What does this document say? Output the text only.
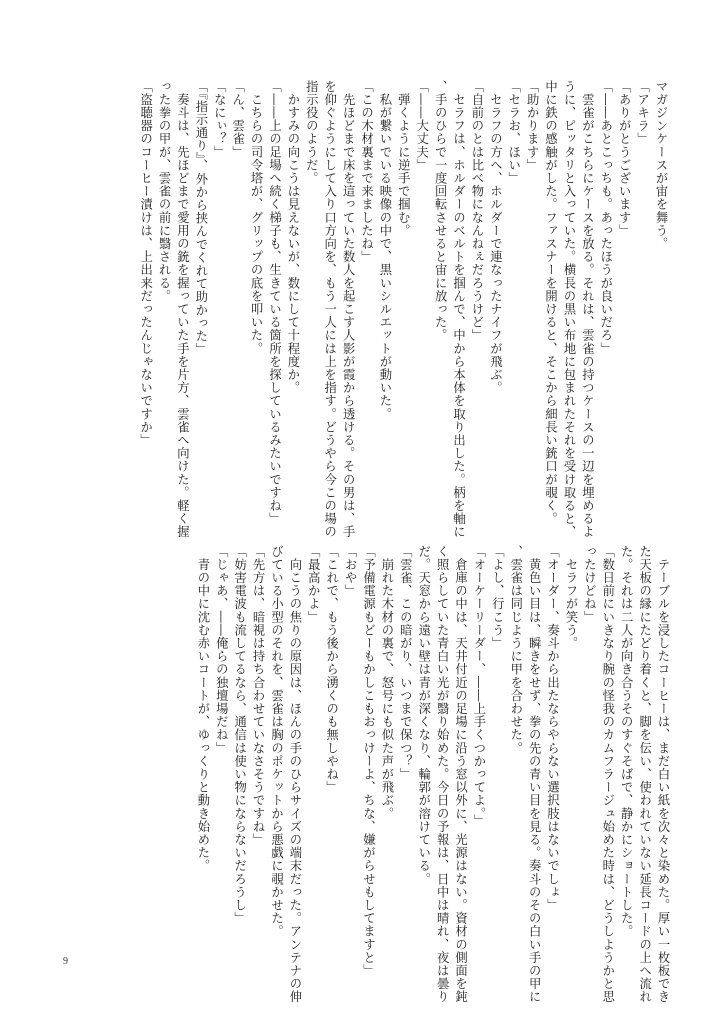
マガジンケースが宙を舞う。
「アキラ」
「ありがとうございます」
「――あとこっちも。あったほうが良いだろ」
　雲雀がこちらにケースを放る。それは、雲雀の持つケースの一辺を埋めるよ
うに、ピッタリと入っていた。横長の黒い布地に包まれたそれを受け取ると、
中に鉄の感触がした。ファスナーを開けると、そこから細長い銃口が覗く。
「助かります」
「セラお、ほい」
　セラフの方へ、ホルダーで連なったナイフが飛ぶ。
「自前のとは比べ物になんねぇだろうけど」
　セラフは、ホルダーのベルトを掴んで、中から本体を取り出した。柄を軸に
、手のひらで一度回転させると宙に放った。
「――大丈夫」
　弾くように逆手で掴む。
　私が繋いでいる映像の中で、黒いシルエットが動いた。
「この木材裏まで来ましたね」
　先ほどまで床を這っていた数人を起こす人影が霞から透ける。その男は、手
を仰ぐようにして入り口方向を、もう一人には上を指す。どうやら今この場の
指示役のようだ。
　かすみの向こうは見えないが、数にして十程度か。
「――上の足場へ続く梯子も、生きている箇所を探しているみたいですね」
　こちらの司令塔が、グリップの底を叩いた。
「ん、雲雀」
「なにぃ？」
「『指示通り』、外から挟んでくれて助かった」
　奏斗は、先ほどまで愛用の銃を握っていた手を片方、雲雀へ向けた。軽く握
った拳の甲が、雲雀の前に翳される。
「盗聴器のコーヒー漬けは、上出来だったんじゃないですか」
　テーブルを浸したコーヒーは、まだ白い紙を次々と染めた。厚い一枚板でき
た天板の縁にたどり着くと、脚を伝い、使われていない延長コードの上へ流れ
た。それは二人が向き合うそのすぐそばで、静かにショートした。
「数日前にいきなり腕の怪我のカムフラージュ始めた時は、どうしようかと思
ったけどね」
　セラフが笑う。
「オーダー、奏斗から出たならやらない選択肢はないでしょ」
　黄色い目は、瞬きをせず、拳の先の青い目を見る。奏斗のその白い手の甲に
、雲雀は同じように甲を合わせた。
「よし、行こう」
「オーケーリーダー、――上手くつかってよ。」
　倉庫の中は、天井付近の足場に沿う窓以外に、光源はない。資材の側面を鈍
く照らしていた青白い光が翳り始めた。今日の予報は、日中は晴れ、夜は曇り
だ。天窓から遠い壁は青が深くなり、輪郭が溶けている。
「雲雀、この暗がり、いつまで保つ？」
　崩れた木材の裏で、怒号にも似た声が飛ぶ。
「予備電源もどーもかしこもおっけーよ、ちな、嫌がらせもしてますと」
「おや」
「これで、もう後から湧くのも無しやね」
「最高かよ」
　向こうの焦りの原因は、ほんの手のひらサイズの端末だった。アンテナの伸
びている小型のそれを、雲雀は胸のポケットから悪戯に覗かせた。
「先方は、暗視は持ち合わせていなさそうですね」
「妨害電波も流してるなら、通信は使い物にならないだろうし」
「じゃあ、――俺らの独壇場だね」
　青の中に沈む赤いコートが、ゆっくりと動き始めた。
9
